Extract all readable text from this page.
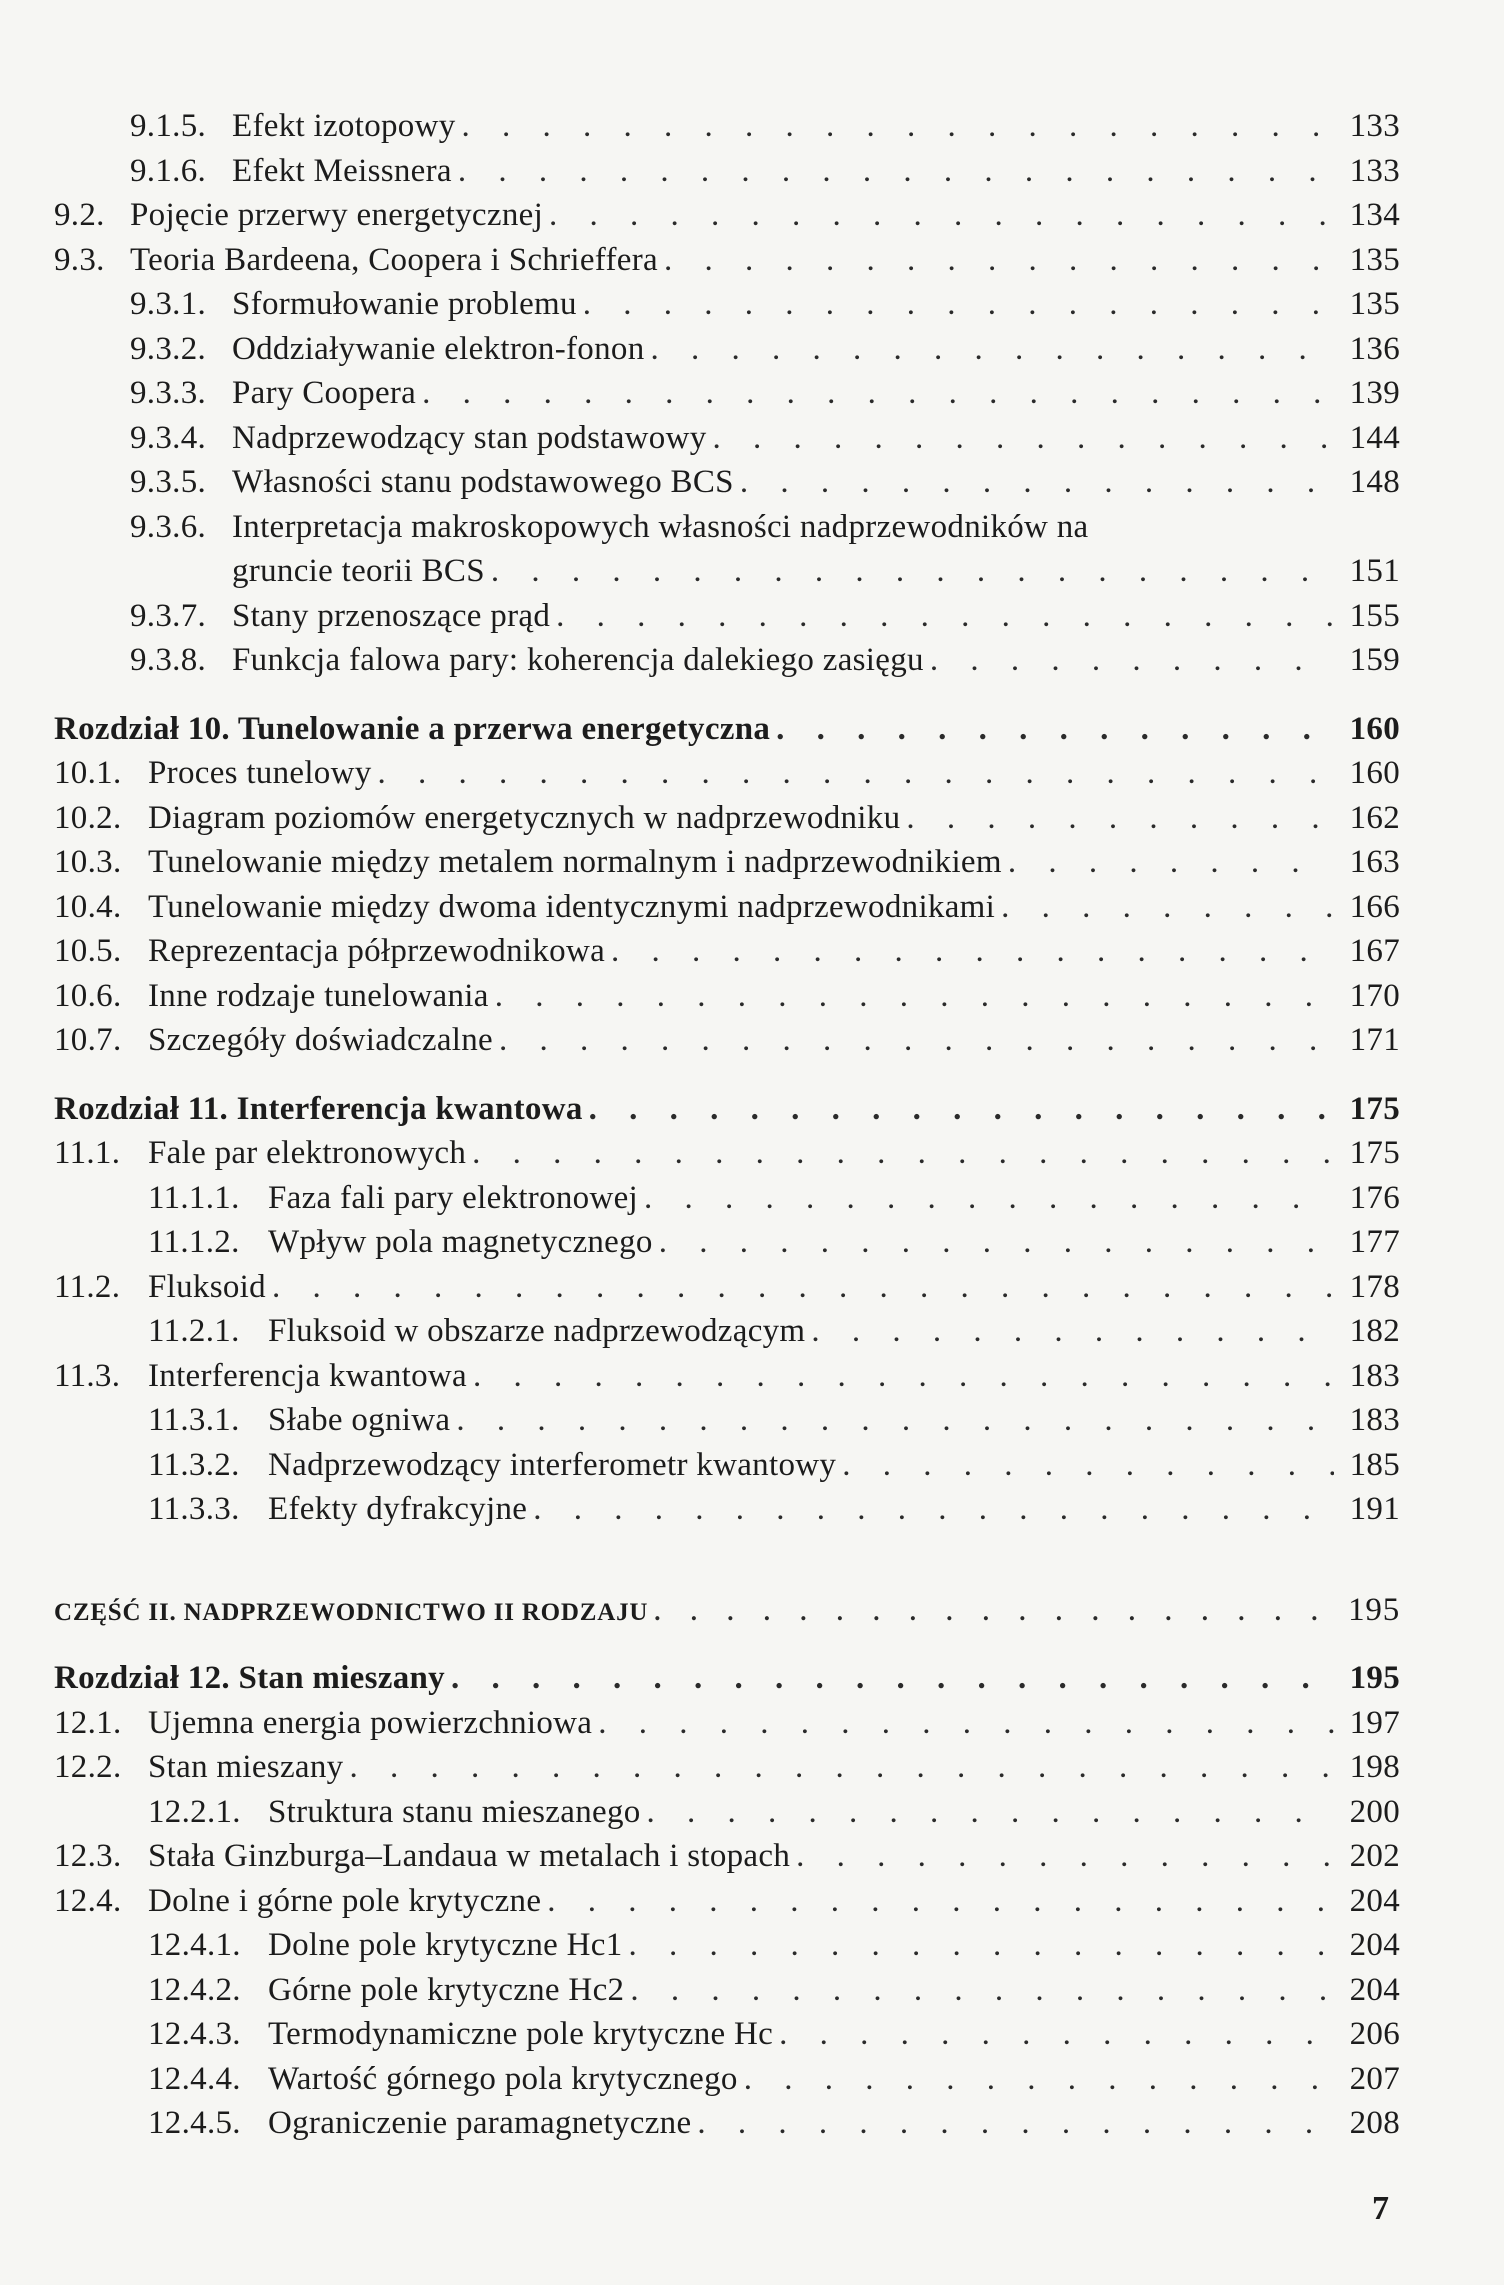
9.1.5. Efekt izotopowy . . .	133
9.1.6. Efekt Meissnera . . .	133
9.2. Pojęcie przerwy energetycznej . . .	134
9.3. Teoria Bardeena, Coopera i Schrieffera . . .	135
9.3.1. Sformułowanie problemu . . .	135
9.3.2. Oddziaływanie elektron-fonon . . .	136
9.3.3. Pary Coopera . . .	139
9.3.4. Nadprzewodzący stan podstawowy . . .	144
9.3.5. Własności stanu podstawowego BCS . . .	148
9.3.6. Interpretacja makroskopowych własności nadprzewodników na
gruncie teorii BCS . . .	151
9.3.7. Stany przenoszące prąd . . .	155
9.3.8. Funkcja falowa pary: koherencja dalekiego zasięgu . . .	159
Rozdział 10. Tunelowanie a przerwa energetyczna . . .	160
10.1. Proces tunelowy . . .	160
10.2. Diagram poziomów energetycznych w nadprzewodniku . . .	162
10.3. Tunelowanie między metalem normalnym i nadprzewodnikiem . . .	163
10.4. Tunelowanie między dwoma identycznymi nadprzewodnikami . . .	166
10.5. Reprezentacja półprzewodnikowa . . .	167
10.6. Inne rodzaje tunelowania . . .	170
10.7. Szczegóły doświadczalne . . .	171
Rozdział 11. Interferencja kwantowa . . .	175
11.1. Fale par elektronowych . . .	175
11.1.1. Faza fali pary elektronowej . . .	176
11.1.2. Wpływ pola magnetycznego . . .	177
11.2. Fluksoid . . .	178
11.2.1. Fluksoid w obszarze nadprzewodzącym . . .	182
11.3. Interferencja kwantowa . . .	183
11.3.1. Słabe ogniwa . . .	183
11.3.2. Nadprzewodzący interferometr kwantowy . . .	185
11.3.3. Efekty dyfrakcyjne . . .	191
CZĘŚĆ II. NADPRZEWODNICTWO II RODZAJU . . .	195
Rozdział 12. Stan mieszany . . .	195
12.1. Ujemna energia powierzchniowa . . .	197
12.2. Stan mieszany . . .	198
12.2.1. Struktura stanu mieszanego . . .	200
12.3. Stała Ginzburga–Landaua w metalach i stopach . . .	202
12.4. Dolne i górne pole krytyczne . . .	204
12.4.1. Dolne pole krytyczne Hc1 . . .	204
12.4.2. Górne pole krytyczne Hc2 . . .	204
12.4.3. Termodynamiczne pole krytyczne Hc . . .	206
12.4.4. Wartość górnego pola krytycznego . . .	207
12.4.5. Ograniczenie paramagnetyczne . . .	208
7
